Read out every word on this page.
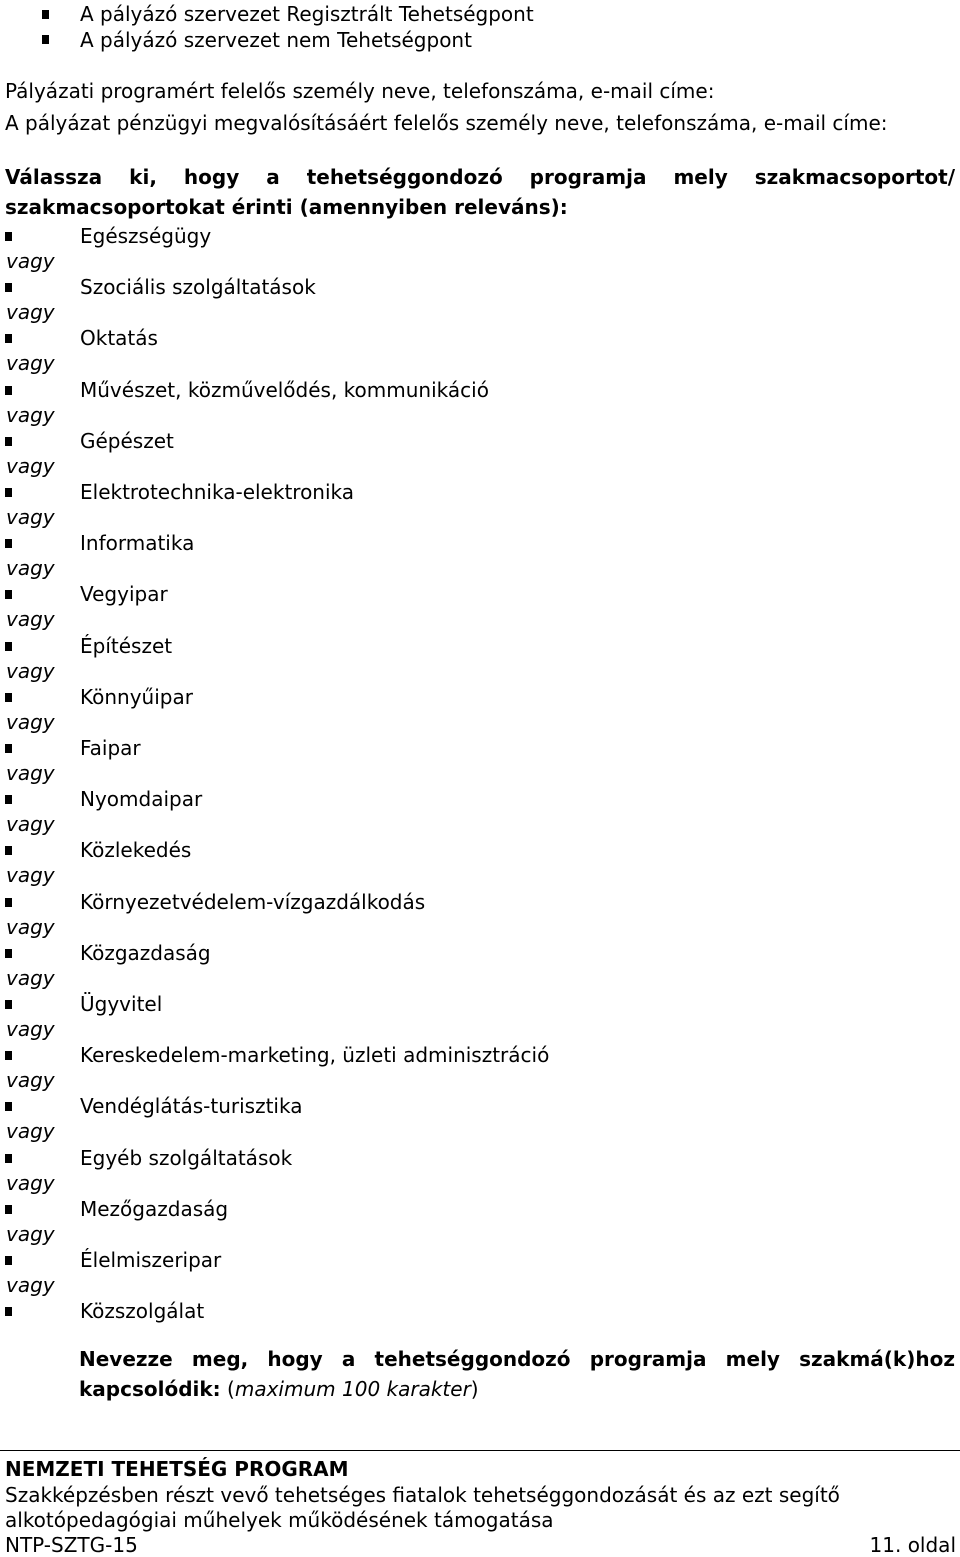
A pályázó szervezet Regisztrált Tehetségpont
A pályázó szervezet nem Tehetségpont
Pályázati programért felelős személy neve, telefonszáma, e-mail címe:
A pályázat pénzügyi megvalósításáért felelős személy neve, telefonszáma, e-mail címe:
Válassza ki, hogy a tehetséggondozó programja mely szakmacsoportot/
szakmacsoportokat érinti (amennyiben releváns):
Egészségügy
vagy
Szociális szolgáltatások
vagy
Oktatás
vagy
Művészet, közművelődés, kommunikáció
vagy
Gépészet
vagy
Elektrotechnika-elektronika
vagy
Informatika
vagy
Vegyipar
vagy
Építészet
vagy
Könnyűipar
vagy
Faipar
vagy
Nyomdaipar
vagy
Közlekedés
vagy
Környezetvédelem-vízgazdálkodás
vagy
Közgazdaság
vagy
Ügyvitel
vagy
Kereskedelem-marketing, üzleti adminisztráció
vagy
Vendéglátás-turisztika
vagy
Egyéb szolgáltatások
vagy
Mezőgazdaság
vagy
Élelmiszeripar
vagy
Közszolgálat
Nevezze meg, hogy a tehetséggondozó programja mely szakmá(k)hoz
kapcsolódik: (maximum 100 karakter)
NEMZETI TEHETSÉG PROGRAM
Szakképzésben részt vevő tehetséges fiatalok tehetséggondozását és az ezt segítő
alkotópedagógiai műhelyek működésének támogatása
NTP-SZTG-15	11. oldal
